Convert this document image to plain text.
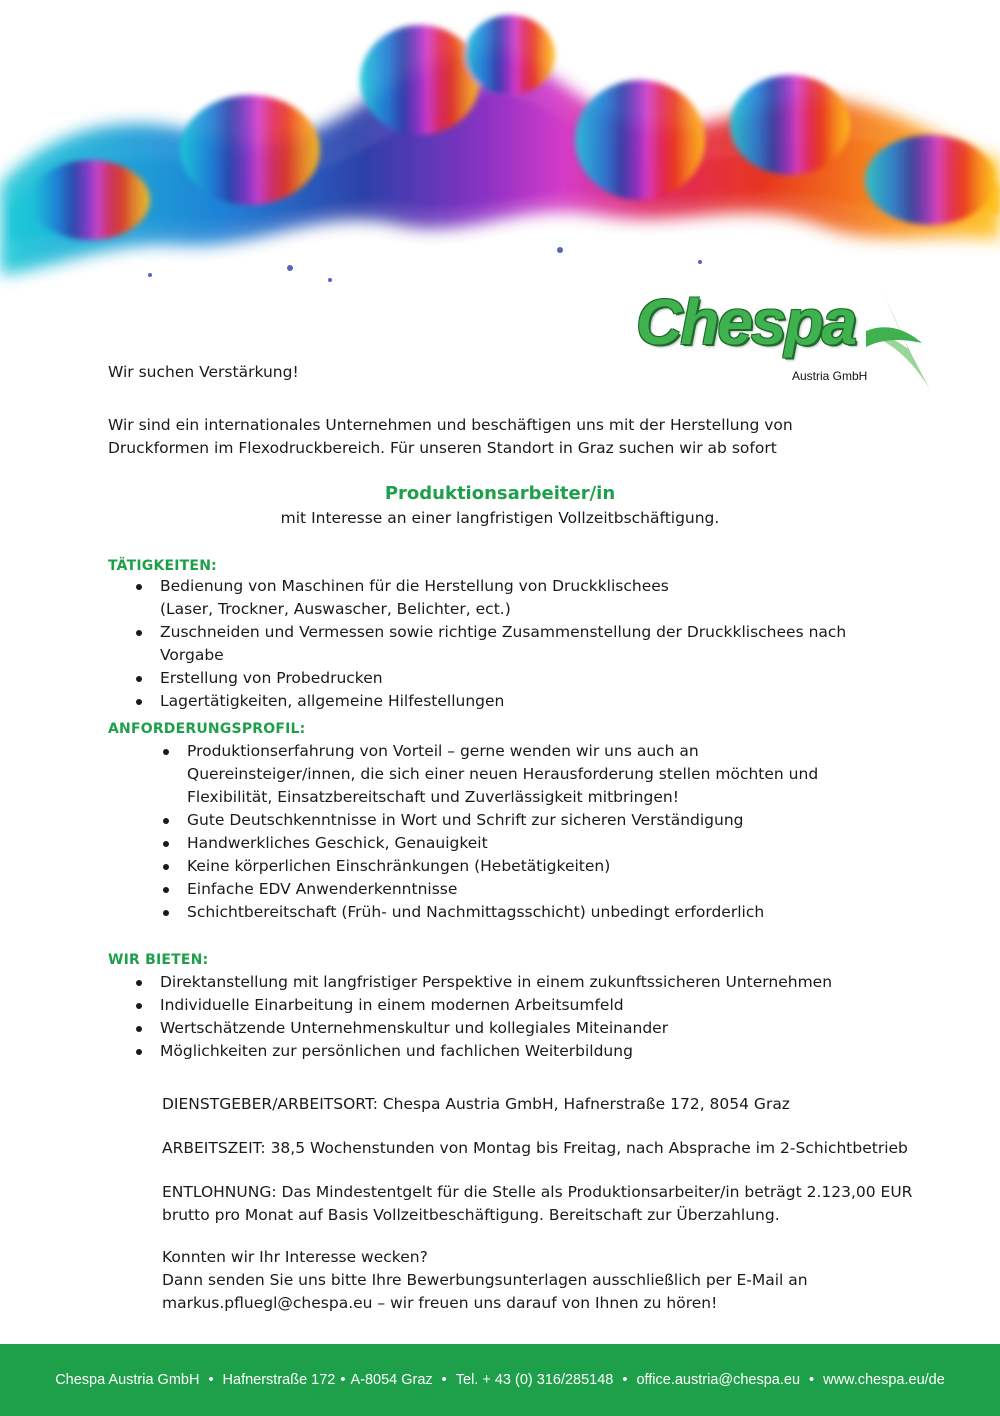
Chespa
Austria GmbH

Wir suchen Verstärkung!

Wir sind ein internationales Unternehmen und beschäftigen uns mit der Herstellung von Druckformen im Flexodruckbereich. Für unseren Standort in Graz suchen wir ab sofort

Produktionsarbeiter/in

mit Interesse an einer langfristigen Vollzeitbschäftigung.

TÄTIGKEITEN:
Bedienung von Maschinen für die Herstellung von Druckklischees
(Laser, Trockner, Auswascher, Belichter, ect.)
Zuschneiden und Vermessen sowie richtige Zusammenstellung der Druckklischees nach Vorgabe
Erstellung von Probedrucken
Lagertätigkeiten, allgemeine Hilfestellungen
ANFORDERUNGSPROFIL:
Produktionserfahrung von Vorteil – gerne wenden wir uns auch an Quereinsteiger/innen, die sich einer neuen Herausforderung stellen möchten und Flexibilität, Einsatzbereitschaft und Zuverlässigkeit mitbringen!
Gute Deutschkenntnisse in Wort und Schrift zur sicheren Verständigung
Handwerkliches Geschick, Genauigkeit
Keine körperlichen Einschränkungen (Hebetätigkeiten)
Einfache EDV Anwenderkenntnisse
Schichtbereitschaft (Früh- und Nachmittagsschicht) unbedingt erforderlich
WIR BIETEN:
Direktanstellung mit langfristiger Perspektive in einem zukunftssicheren Unternehmen
Individuelle Einarbeitung in einem modernen Arbeitsumfeld
Wertschätzende Unternehmenskultur und kollegiales Miteinander
Möglichkeiten zur persönlichen und fachlichen Weiterbildung

DIENSTGEBER/ARBEITSORT: Chespa Austria GmbH, Hafnerstraße 172, 8054 Graz

ARBEITSZEIT: 38,5 Wochenstunden von Montag bis Freitag, nach Absprache im 2-Schichtbetrieb

ENTLOHNUNG: Das Mindestentgelt für die Stelle als Produktionsarbeiter/in beträgt 2.123,00 EUR brutto pro Monat auf Basis Vollzeitbeschäftigung. Bereitschaft zur Überzahlung.

Konnten wir Ihr Interesse wecken?

Dann senden Sie uns bitte Ihre Bewerbungsunterlagen ausschließlich per E-Mail an

markus.pfluegl@chespa.eu – wir freuen uns darauf von Ihnen zu hören!

Chespa Austria GmbH • Hafnerstraße 172 • A-8054 Graz • Tel. + 43 (0) 316/285148 • office.austria@chespa.eu • www.chespa.eu/de
